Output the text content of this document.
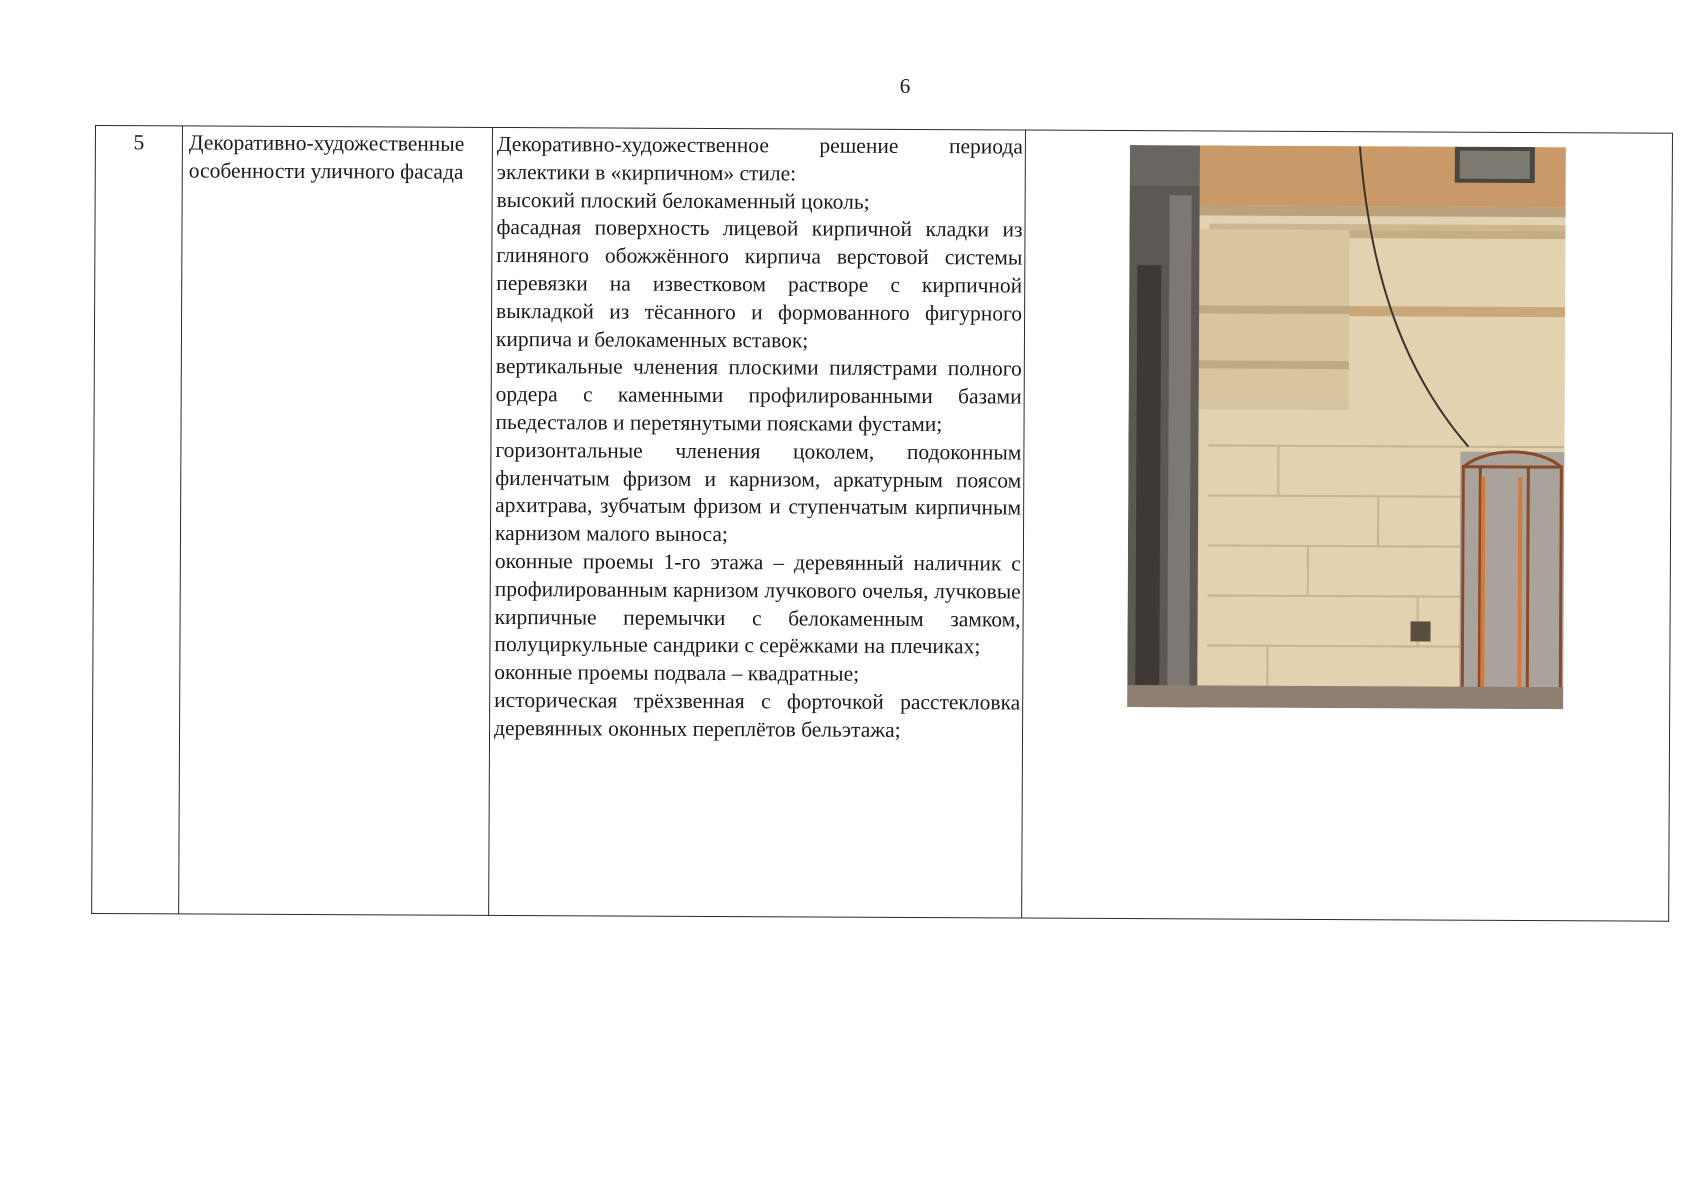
6
5	Декоративно-художественные особенности уличного фасада

Декоративно-художественное решение периода эклектики в «кирпичном» стиле:

высокий плоский белокаменный цоколь;

фасадная поверхность лицевой кирпичной кладки из глиняного обожжённого кирпича верстовой системы перевязки на известковом растворе с кирпичной выкладкой из тёсанного и формованного фигурного кирпича и белокаменных вставок;

вертикальные членения плоскими пилястрами полного ордера с каменными профилированными базами пьедесталов и перетянутыми поясками фустами;

горизонтальные членения цоколем, подоконным филенчатым фризом и карнизом, аркатурным поясом архитрава, зубчатым фризом и ступенчатым кирпичным карнизом малого выноса;

оконные проемы 1-го этажа – деревянный наличник с профилированным карнизом лучкового очелья, лучковые кирпичные перемычки с белокаменным замком, полуциркульные сандрики с серёжками на плечиках;

оконные проемы подвала – квадратные;

историческая трёхзвенная с форточкой расстекловка деревянных оконных переплётов бельэтажа;
